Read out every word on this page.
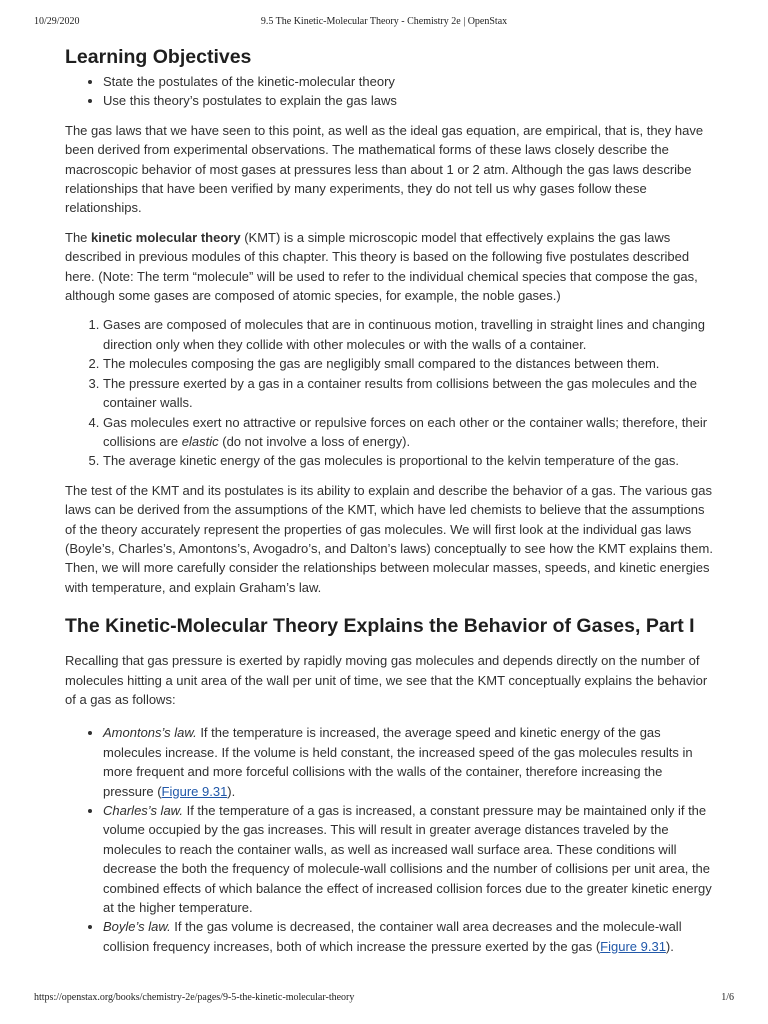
10/29/2020	9.5 The Kinetic-Molecular Theory - Chemistry 2e | OpenStax
Learning Objectives
• State the postulates of the kinetic-molecular theory
• Use this theory’s postulates to explain the gas laws

The gas laws that we have seen to this point, as well as the ideal gas equation, are empirical, that is, they have been derived from experimental observations. The mathematical forms of these laws closely describe the macroscopic behavior of most gases at pressures less than about 1 or 2 atm. Although the gas laws describe relationships that have been verified by many experiments, they do not tell us why gases follow these relationships.

The kinetic molecular theory (KMT) is a simple microscopic model that effectively explains the gas laws described in previous modules of this chapter. This theory is based on the following five postulates described here. (Note: The term “molecule” will be used to refer to the individual chemical species that compose the gas, although some gases are composed of atomic species, for example, the noble gases.)

1. Gases are composed of molecules that are in continuous motion, travelling in straight lines and changing direction only when they collide with other molecules or with the walls of a container.
2. The molecules composing the gas are negligibly small compared to the distances between them.
3. The pressure exerted by a gas in a container results from collisions between the gas molecules and the container walls.
4. Gas molecules exert no attractive or repulsive forces on each other or the container walls; therefore, their collisions are elastic (do not involve a loss of energy).
5. The average kinetic energy of the gas molecules is proportional to the kelvin temperature of the gas.

The test of the KMT and its postulates is its ability to explain and describe the behavior of a gas. The various gas laws can be derived from the assumptions of the KMT, which have led chemists to believe that the assumptions of the theory accurately represent the properties of gas molecules. We will first look at the individual gas laws (Boyle’s, Charles’s, Amontons’s, Avogadro’s, and Dalton’s laws) conceptually to see how the KMT explains them. Then, we will more carefully consider the relationships between molecular masses, speeds, and kinetic energies with temperature, and explain Graham’s law.

The Kinetic-Molecular Theory Explains the Behavior of Gases, Part I

Recalling that gas pressure is exerted by rapidly moving gas molecules and depends directly on the number of molecules hitting a unit area of the wall per unit of time, we see that the KMT conceptually explains the behavior of a gas as follows:

• Amontons’s law. If the temperature is increased, the average speed and kinetic energy of the gas molecules increase. If the volume is held constant, the increased speed of the gas molecules results in more frequent and more forceful collisions with the walls of the container, therefore increasing the pressure (Figure 9.31).
• Charles’s law. If the temperature of a gas is increased, a constant pressure may be maintained only if the volume occupied by the gas increases. This will result in greater average distances traveled by the molecules to reach the container walls, as well as increased wall surface area. These conditions will decrease the both the frequency of molecule-wall collisions and the number of collisions per unit area, the combined effects of which balance the effect of increased collision forces due to the greater kinetic energy at the higher temperature.
• Boyle’s law. If the gas volume is decreased, the container wall area decreases and the molecule-wall collision frequency increases, both of which increase the pressure exerted by the gas (Figure 9.31).
https://openstax.org/books/chemistry-2e/pages/9-5-the-kinetic-molecular-theory	1/6
